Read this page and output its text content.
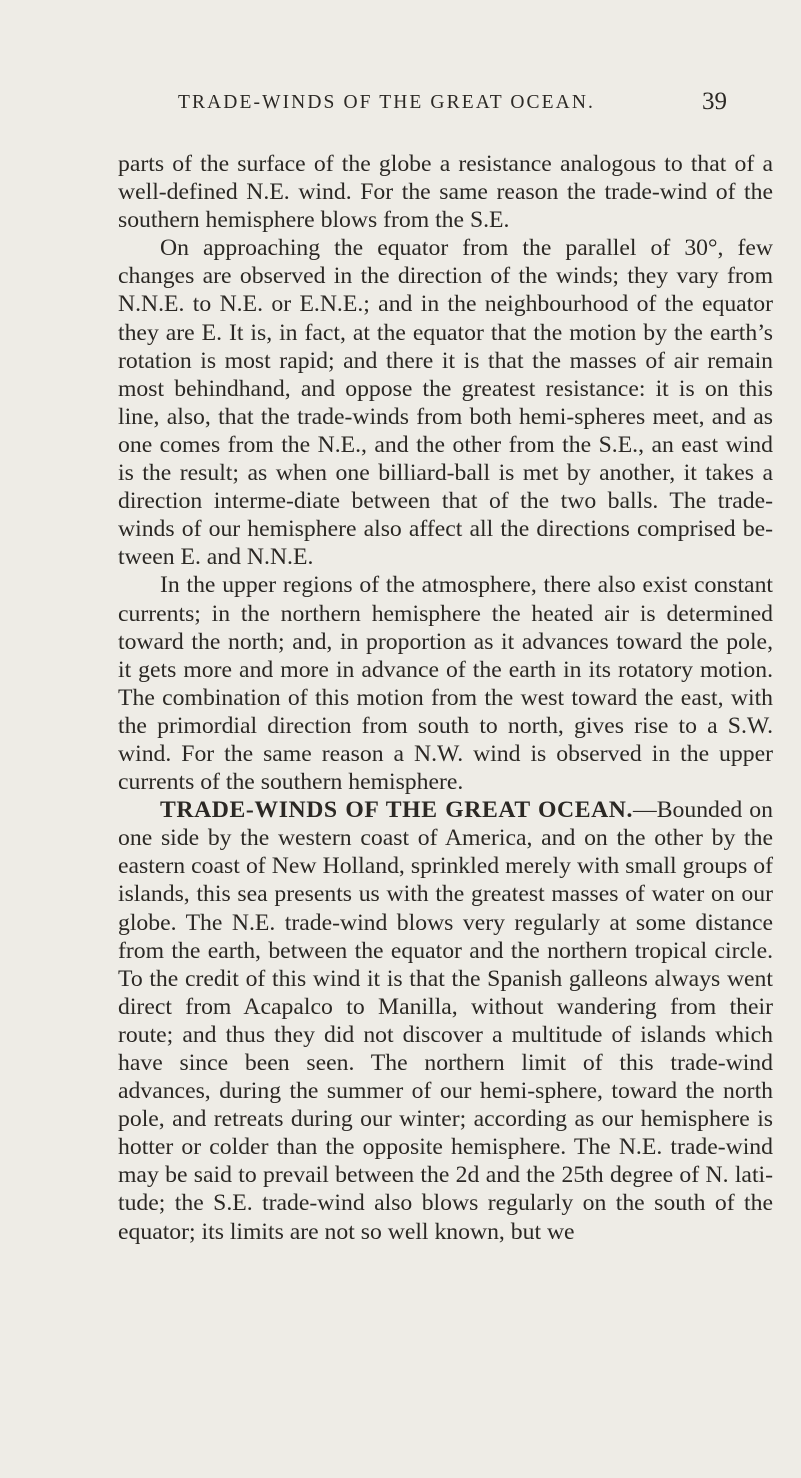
TRADE-WINDS OF THE GREAT OCEAN.	39

parts of the surface of the globe a resistance analogous to that of a well-defined N.E. wind. For the same reason the trade-wind of the southern hemisphere blows from the S.E.

On approaching the equator from the parallel of 30°, few changes are observed in the direction of the winds; they vary from N.N.E. to N.E. or E.N.E.; and in the neighbourhood of the equator they are E. It is, in fact, at the equator that the motion by the earth’s rotation is most rapid; and there it is that the masses of air remain most behindhand, and oppose the greatest resistance: it is on this line, also, that the trade-winds from both hemi-spheres meet, and as one comes from the N.E., and the other from the S.E., an east wind is the result; as when one billiard-ball is met by another, it takes a direction interme-diate between that of the two balls. The trade-winds of our hemisphere also affect all the directions comprised be-tween E. and N.N.E.

In the upper regions of the atmosphere, there also exist constant currents; in the northern hemisphere the heated air is determined toward the north; and, in proportion as it advances toward the pole, it gets more and more in advance of the earth in its rotatory motion. The combination of this motion from the west toward the east, with the primordial direction from south to north, gives rise to a S.W. wind. For the same reason a N.W. wind is observed in the upper currents of the southern hemisphere.

TRADE-WINDS OF THE GREAT OCEAN.—Bounded on one side by the western coast of America, and on the other by the eastern coast of New Holland, sprinkled merely with small groups of islands, this sea presents us with the greatest masses of water on our globe. The N.E. trade-wind blows very regularly at some distance from the earth, between the equator and the northern tropical circle. To the credit of this wind it is that the Spanish galleons always went direct from Acapalco to Manilla, without wandering from their route; and thus they did not discover a multitude of islands which have since been seen. The northern limit of this trade-wind advances, during the summer of our hemi-sphere, toward the north pole, and retreats during our winter; according as our hemisphere is hotter or colder than the opposite hemisphere. The N.E. trade-wind may be said to prevail between the 2d and the 25th degree of N. lati-tude; the S.E. trade-wind also blows regularly on the south of the equator; its limits are not so well known, but we
